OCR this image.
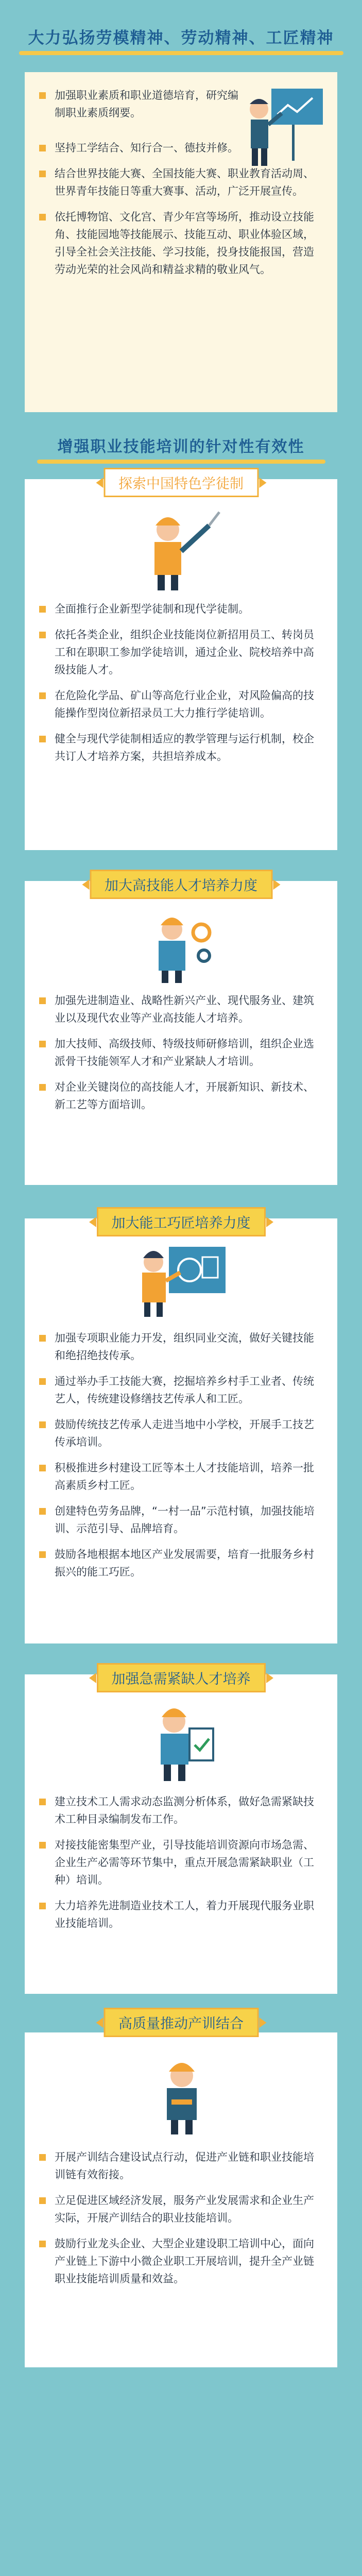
大力弘扬劳模精神、劳动精神、工匠精神
加强职业素质和职业道德培育，研究编制职业素质纲要。
坚持工学结合、知行合一、德技并修。
结合世界技能大赛、全国技能大赛、职业教育活动周、世界青年技能日等重大赛事、活动，广泛开展宣传。
依托博物馆、文化宫、青少年宫等场所，推动设立技能角、技能园地等技能展示、技能互动、职业体验区域，引导全社会关注技能、学习技能，投身技能报国，营造劳动光荣的社会风尚和精益求精的敬业风气。
增强职业技能培训的针对性有效性
探索中国特色学徒制
全面推行企业新型学徒制和现代学徒制。
依托各类企业，组织企业技能岗位新招用员工、转岗员工和在职职工参加学徒培训，通过企业、院校培养中高级技能人才。
在危险化学品、矿山等高危行业企业，对风险偏高的技能操作型岗位新招录员工大力推行学徒培训。
健全与现代学徒制相适应的教学管理与运行机制，校企共订人才培养方案，共担培养成本。
加大高技能人才培养力度
加强先进制造业、战略性新兴产业、现代服务业、建筑业以及现代农业等产业高技能人才培养。
加大技师、高级技师、特级技师研修培训，组织企业选派骨干技能领军人才和产业紧缺人才培训。
对企业关键岗位的高技能人才，开展新知识、新技术、新工艺等方面培训。
加大能工巧匠培养力度
加强专项职业能力开发，组织同业交流，做好关键技能和绝招绝技传承。
通过举办手工技能大赛，挖掘培养乡村手工业者、传统艺人，传统建设修缮技艺传承人和工匠。
鼓励传统技艺传承人走进当地中小学校，开展手工技艺传承培训。
积极推进乡村建设工匠等本土人才技能培训，培养一批高素质乡村工匠。
创建特色劳务品牌，“一村一品”示范村镇，加强技能培训、示范引导、品牌培育。
鼓励各地根据本地区产业发展需要，培育一批服务乡村振兴的能工巧匠。
加强急需紧缺人才培养
建立技术工人需求动态监测分析体系，做好急需紧缺技术工种目录编制发布工作。
对接技能密集型产业，引导技能培训资源向市场急需、企业生产必需等环节集中，重点开展急需紧缺职业（工种）培训。
大力培养先进制造业技术工人，着力开展现代服务业职业技能培训。
高质量推动产训结合
开展产训结合建设试点行动，促进产业链和职业技能培训链有效衔接。
立足促进区域经济发展，服务产业发展需求和企业生产实际，开展产训结合的职业技能培训。
鼓励行业龙头企业、大型企业建设职工培训中心，面向产业链上下游中小微企业职工开展培训，提升全产业链职业技能培训质量和效益。
